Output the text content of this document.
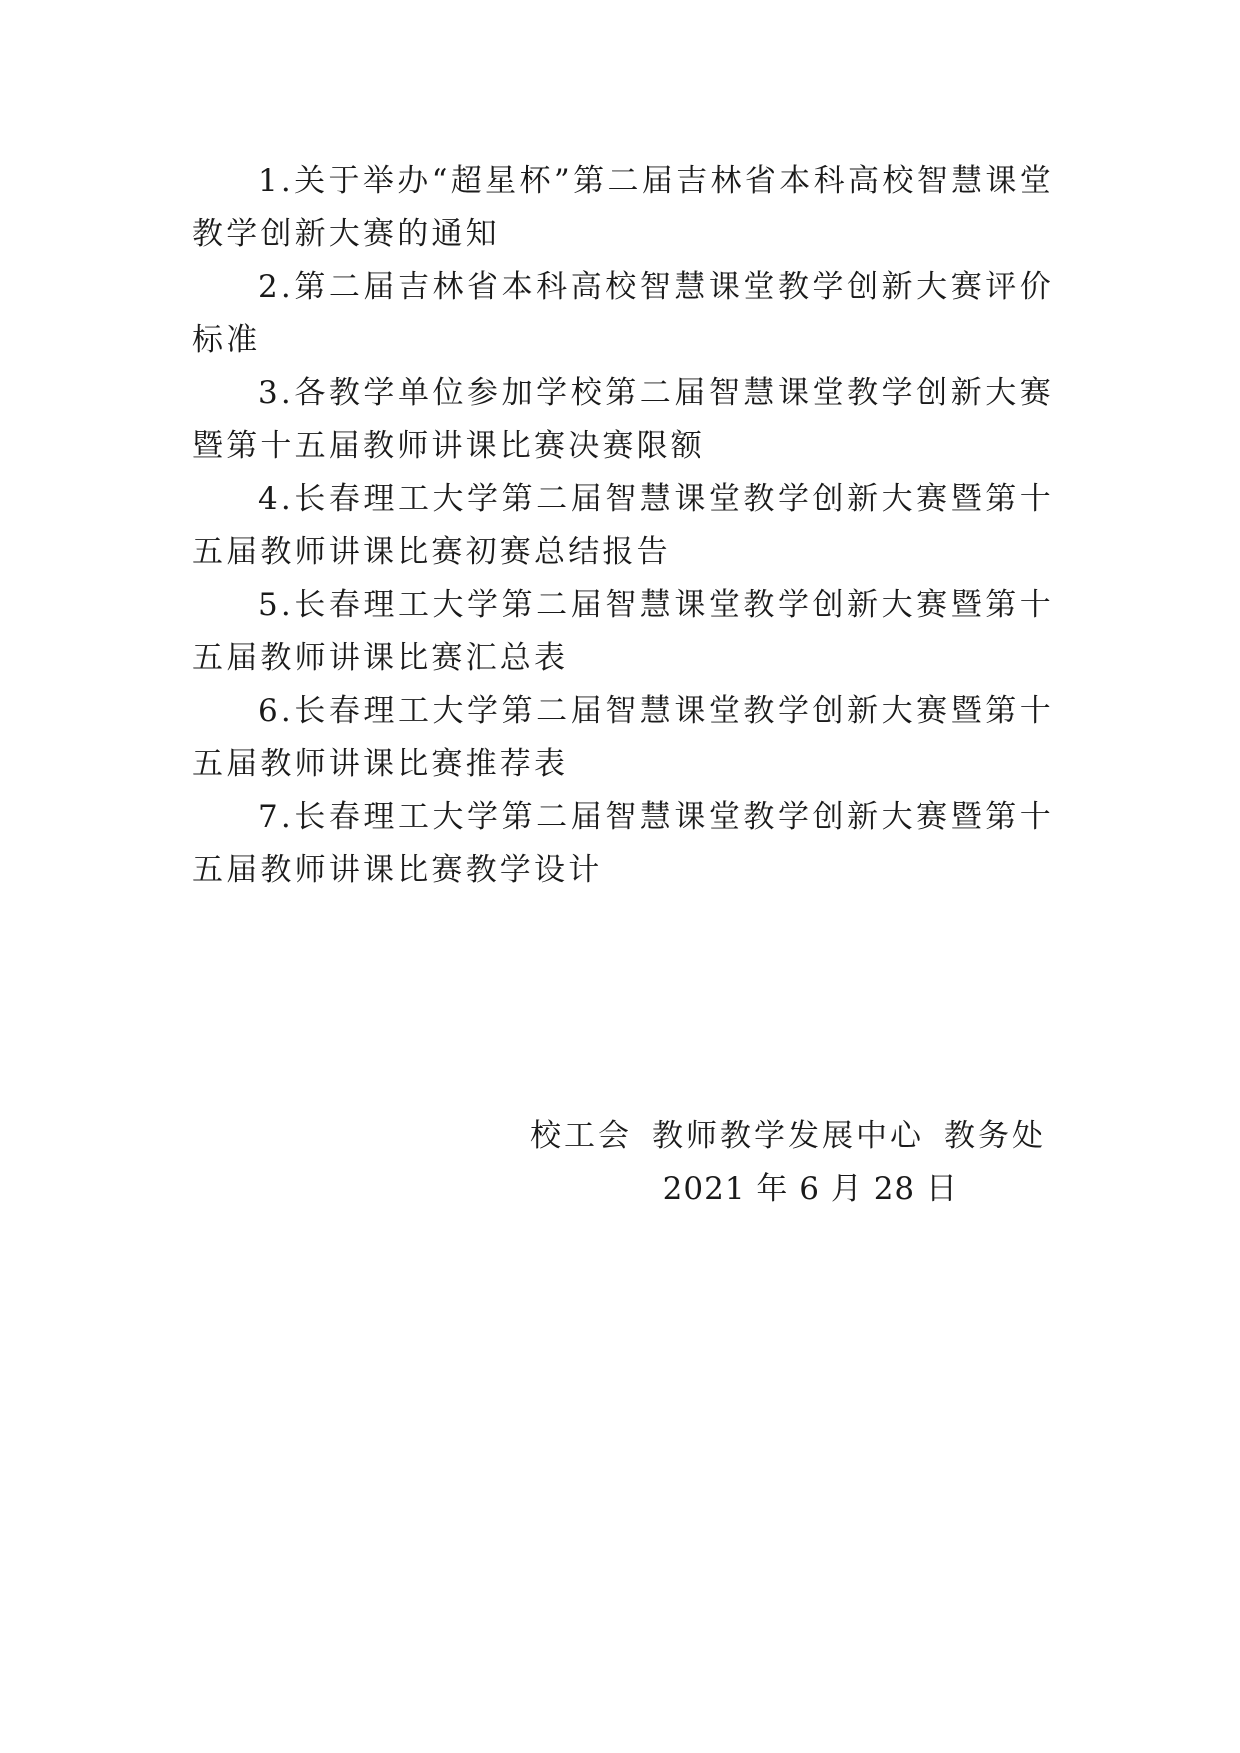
1.关于举办“超星杯”第二届吉林省本科高校智慧课堂教学创新大赛的通知
2.第二届吉林省本科高校智慧课堂教学创新大赛评价标准
3.各教学单位参加学校第二届智慧课堂教学创新大赛暨第十五届教师讲课比赛决赛限额
4.长春理工大学第二届智慧课堂教学创新大赛暨第十五届教师讲课比赛初赛总结报告
5.长春理工大学第二届智慧课堂教学创新大赛暨第十五届教师讲课比赛汇总表
6.长春理工大学第二届智慧课堂教学创新大赛暨第十五届教师讲课比赛推荐表
7.长春理工大学第二届智慧课堂教学创新大赛暨第十五届教师讲课比赛教学设计
校工会 教师教学发展中心 教务处
2021 年 6 月 28 日
